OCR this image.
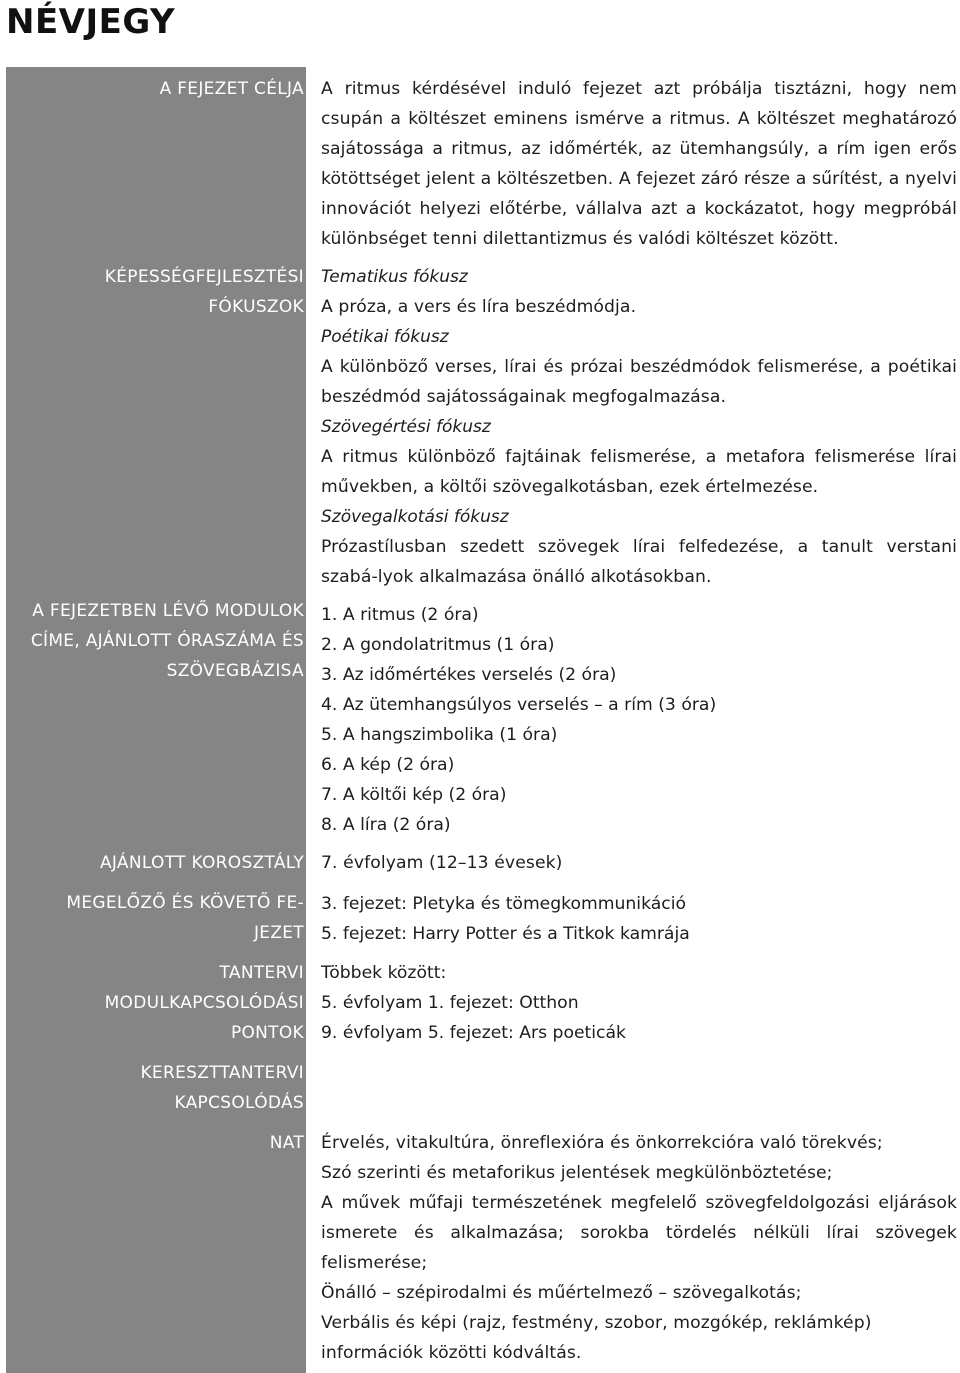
NÉVJEGY

A FEJEZET CÉLJA

KÉPESSÉGFEJLESZTÉSI FÓKUSZOK

A FEJEZETBEN LÉVŐ MODULOK CÍME, AJÁNLOTT ÓRASZÁMA ÉS SZÖVEGBÁZISA

AJÁNLOTT KOROSZTÁLY

MEGELŐZŐ ÉS KÖVETŐ FE-JEZET

TANTERVI MODULKAPCSOLÓDÁSI PONTOK

KERESZTTANTERVI KAPCSOLÓDÁS

NAT

A ritmus kérdésével induló fejezet azt próbálja tisztázni, hogy nem csupán a költészet eminens ismérve a ritmus. A költészet meghatározó sajátossága a ritmus, az időmérték, az ütemhangsúly, a rím igen erős kötöttséget jelent a költészetben. A fejezet záró része a sűrítést, a nyelvi innovációt helyezi előtérbe, vállalva azt a kockázatot, hogy megpróbál különbséget tenni dilettantizmus és valódi költészet között.

Tematikus fókusz

A próza, a vers és líra beszédmódja.

Poétikai fókusz

A különböző verses, lírai és prózai beszédmódok felismerése, a poétikai beszédmód sajátosságainak megfogalmazása.

Szövegértési fókusz

A ritmus különböző fajtáinak felismerése, a metafora felismerése lírai művekben, a költői szövegalkotásban, ezek értelmezése.

Szövegalkotási fókusz

Prózastílusban szedett szövegek lírai felfedezése, a tanult verstani szabá-lyok alkalmazása önálló alkotásokban.

1. A ritmus (2 óra)
2. A gondolatritmus (1 óra)
3. Az időmértékes verselés (2 óra)
4. Az ütemhangsúlyos verselés – a rím (3 óra)
5. A hangszimbolika (1 óra)
6. A kép (2 óra)
7. A költői kép (2 óra)
8. A líra (2 óra)

7. évfolyam (12–13 évesek)

3. fejezet: Pletyka és tömegkommunikáció
5. fejezet: Harry Potter és a Titkok kamrája
Többek között:
5. évfolyam 1. fejezet: Otthon
9. évfolyam 5. fejezet: Ars poeticák

Érvelés, vitakultúra, önreflexióra és önkorrekcióra való törekvés;

Szó szerinti és metaforikus jelentések megkülönböztetése;

A művek műfaji természetének megfelelő szövegfeldolgozási eljárások ismerete és alkalmazása; sorokba tördelés nélküli lírai szövegek felismerése;

Önálló – szépirodalmi és műértelmező – szövegalkotás;

Verbális és képi (rajz, festmény, szobor, mozgókép, reklámkép) információk közötti kódváltás.
